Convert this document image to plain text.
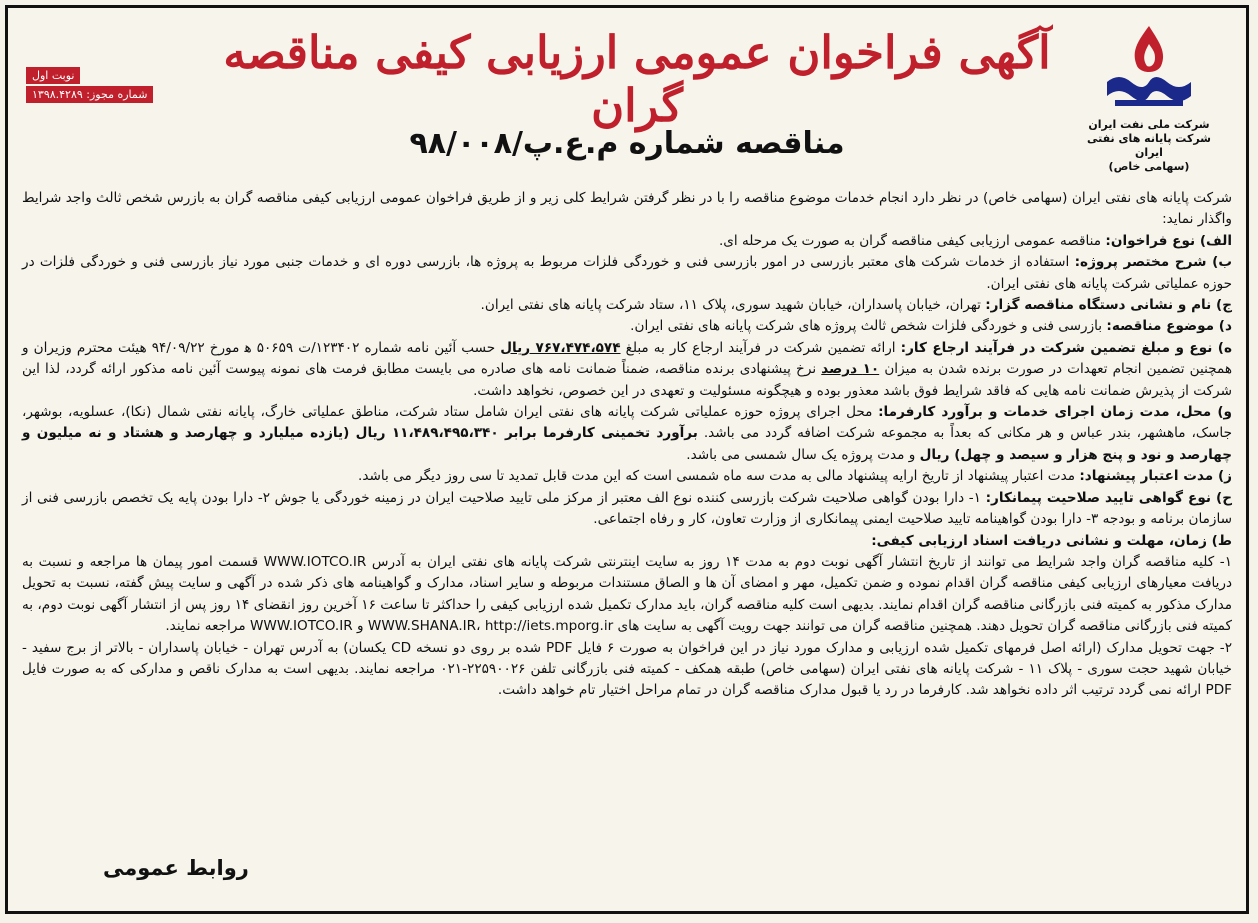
شرکت ملی نفت ایران
شرکت پایانه های نفتی ایران
(سهامی خاص)
آگهی فراخوان عمومی ارزیابی کیفی مناقصه گران
مناقصه شماره م.ع.پ/۹۸/۰۰۸
نوبت اول
شماره مجوز: ۱۳۹۸.۴۲۸۹

شرکت پایانه های نفتی ایران (سهامی خاص) در نظر دارد انجام خدمات موضوع مناقصه را با در نظر گرفتن شرایط کلی زیر و از طریق فراخوان عمومی ارزیابی کیفی مناقصه گران به بازرس شخص ثالث واجد شرایط واگذار نماید:

الف) نوع فراخوان: مناقصه عمومی ارزیابی کیفی مناقصه گران به صورت یک مرحله ای.

ب) شرح مختصر پروژه: استفاده از خدمات شرکت های معتبر بازرسی در امور بازرسی فنی و خوردگی فلزات مربوط به پروژه ها، بازرسی دوره ای و خدمات جنبی مورد نیاز بازرسی فنی و خوردگی فلزات در حوزه عملیاتی شرکت پایانه های نفتی ایران.

ج) نام و نشانی دستگاه مناقصه گزار: تهران، خیابان پاسداران، خیابان شهید سوری، پلاک ۱۱، ستاد شرکت پایانه های نفتی ایران.

د) موضوع مناقصه: بازرسی فنی و خوردگی فلزات شخص ثالث پروژه های شرکت پایانه های نفتی ایران.

ه) نوع و مبلغ تضمین شرکت در فرآیند ارجاع کار: ارائه تضمین شرکت در فرآیند ارجاع کار به مبلغ ۷۶۷،۴۷۴،۵۷۴ ریال حسب آئین نامه شماره ۱۲۳۴۰۲/ت ۵۰۶۵۹ ه‍ مورخ ۹۴/۰۹/۲۲ هیئت محترم وزیران و همچنین تضمین انجام تعهدات در صورت برنده شدن به میزان ۱۰ درصد نرخ پیشنهادی برنده مناقصه، ضمناً ضمانت نامه های صادره می بایست مطابق فرمت های نمونه پیوست آئین نامه مذکور ارائه گردد، لذا این شرکت از پذیرش ضمانت نامه هایی که فاقد شرایط فوق باشد معذور بوده و هیچگونه مسئولیت و تعهدی در این خصوص، نخواهد داشت.

و) محل، مدت زمان اجرای خدمات و برآورد کارفرما: محل اجرای پروژه حوزه عملیاتی شرکت پایانه های نفتی ایران شامل ستاد شرکت، مناطق عملیاتی خارگ، پایانه نفتی شمال (نکا)، عسلویه، بوشهر، جاسک، ماهشهر، بندر عباس و هر مکانی که بعداً به مجموعه شرکت اضافه گردد می باشد. برآورد تخمینی کارفرما برابر ۱۱،۴۸۹،۴۹۵،۳۴۰ ریال (یازده میلیارد و چهارصد و هشتاد و نه میلیون و چهارصد و نود و پنج هزار و سیصد و چهل) ریال و مدت پروژه یک سال شمسی می باشد.

ز) مدت اعتبار پیشنهاد: مدت اعتبار پیشنهاد از تاریخ ارایه پیشنهاد مالی به مدت سه ماه شمسی است که این مدت قابل تمدید تا سی روز دیگر می باشد.

ح) نوع گواهی تایید صلاحیت پیمانکار: ۱- دارا بودن گواهی صلاحیت شرکت بازرسی کننده نوع الف معتبر از مرکز ملی تایید صلاحیت ایران در زمینه خوردگی یا جوش ۲- دارا بودن پایه یک تخصص بازرسی فنی از سازمان برنامه و بودجه ۳- دارا بودن گواهینامه تایید صلاحیت ایمنی پیمانکاری از وزارت تعاون، کار و رفاه اجتماعی.

ط) زمان، مهلت و نشانی دریافت اسناد ارزیابی کیفی:

۱- کلیه مناقصه گران واجد شرایط می توانند از تاریخ انتشار آگهی نوبت دوم به مدت ۱۴ روز به سایت اینترنتی شرکت پایانه های نفتی ایران به آدرس WWW.IOTCO.IR قسمت امور پیمان ها مراجعه و نسبت به دریافت معیارهای ارزیابی کیفی مناقصه گران اقدام نموده و ضمن تکمیل، مهر و امضای آن ها و الصاق مستندات مربوطه و سایر اسناد، مدارک و گواهینامه های ذکر شده در آگهی و سایت پیش گفته، نسبت به تحویل مدارک مذکور به کمیته فنی بازرگانی مناقصه گران اقدام نمایند. بدیهی است کلیه مناقصه گران، باید مدارک تکمیل شده ارزیابی کیفی را حداکثر تا ساعت ۱۶ آخرین روز انقضای ۱۴ روز پس از انتشار آگهی نوبت دوم، به کمیته فنی بازرگانی مناقصه گران تحویل دهند. همچنین مناقصه گران می توانند جهت رویت آگهی به سایت های WWW.SHANA.IR، http://iets.mporg.ir و WWW.IOTCO.IR مراجعه نمایند.

۲- جهت تحویل مدارک (ارائه اصل فرمهای تکمیل شده ارزیابی و مدارک مورد نیاز در این فراخوان به صورت ۶ فایل PDF شده بر روی دو نسخه CD یکسان) به آدرس تهران - خیابان پاسداران - بالاتر از برج سفید - خیابان شهید حجت سوری - پلاک ۱۱ - شرکت پایانه های نفتی ایران (سهامی خاص) طبقه همکف - کمیته فنی بازرگانی تلفن ۲۲۵۹۰۰۲۶-۰۲۱ مراجعه نمایند. بدیهی است به مدارک ناقص و مدارکی که به صورت فایل PDF ارائه نمی گردد ترتیب اثر داده نخواهد شد. کارفرما در رد یا قبول مدارک مناقصه گران در تمام مراحل اختیار تام خواهد داشت.

روابط عمومی
